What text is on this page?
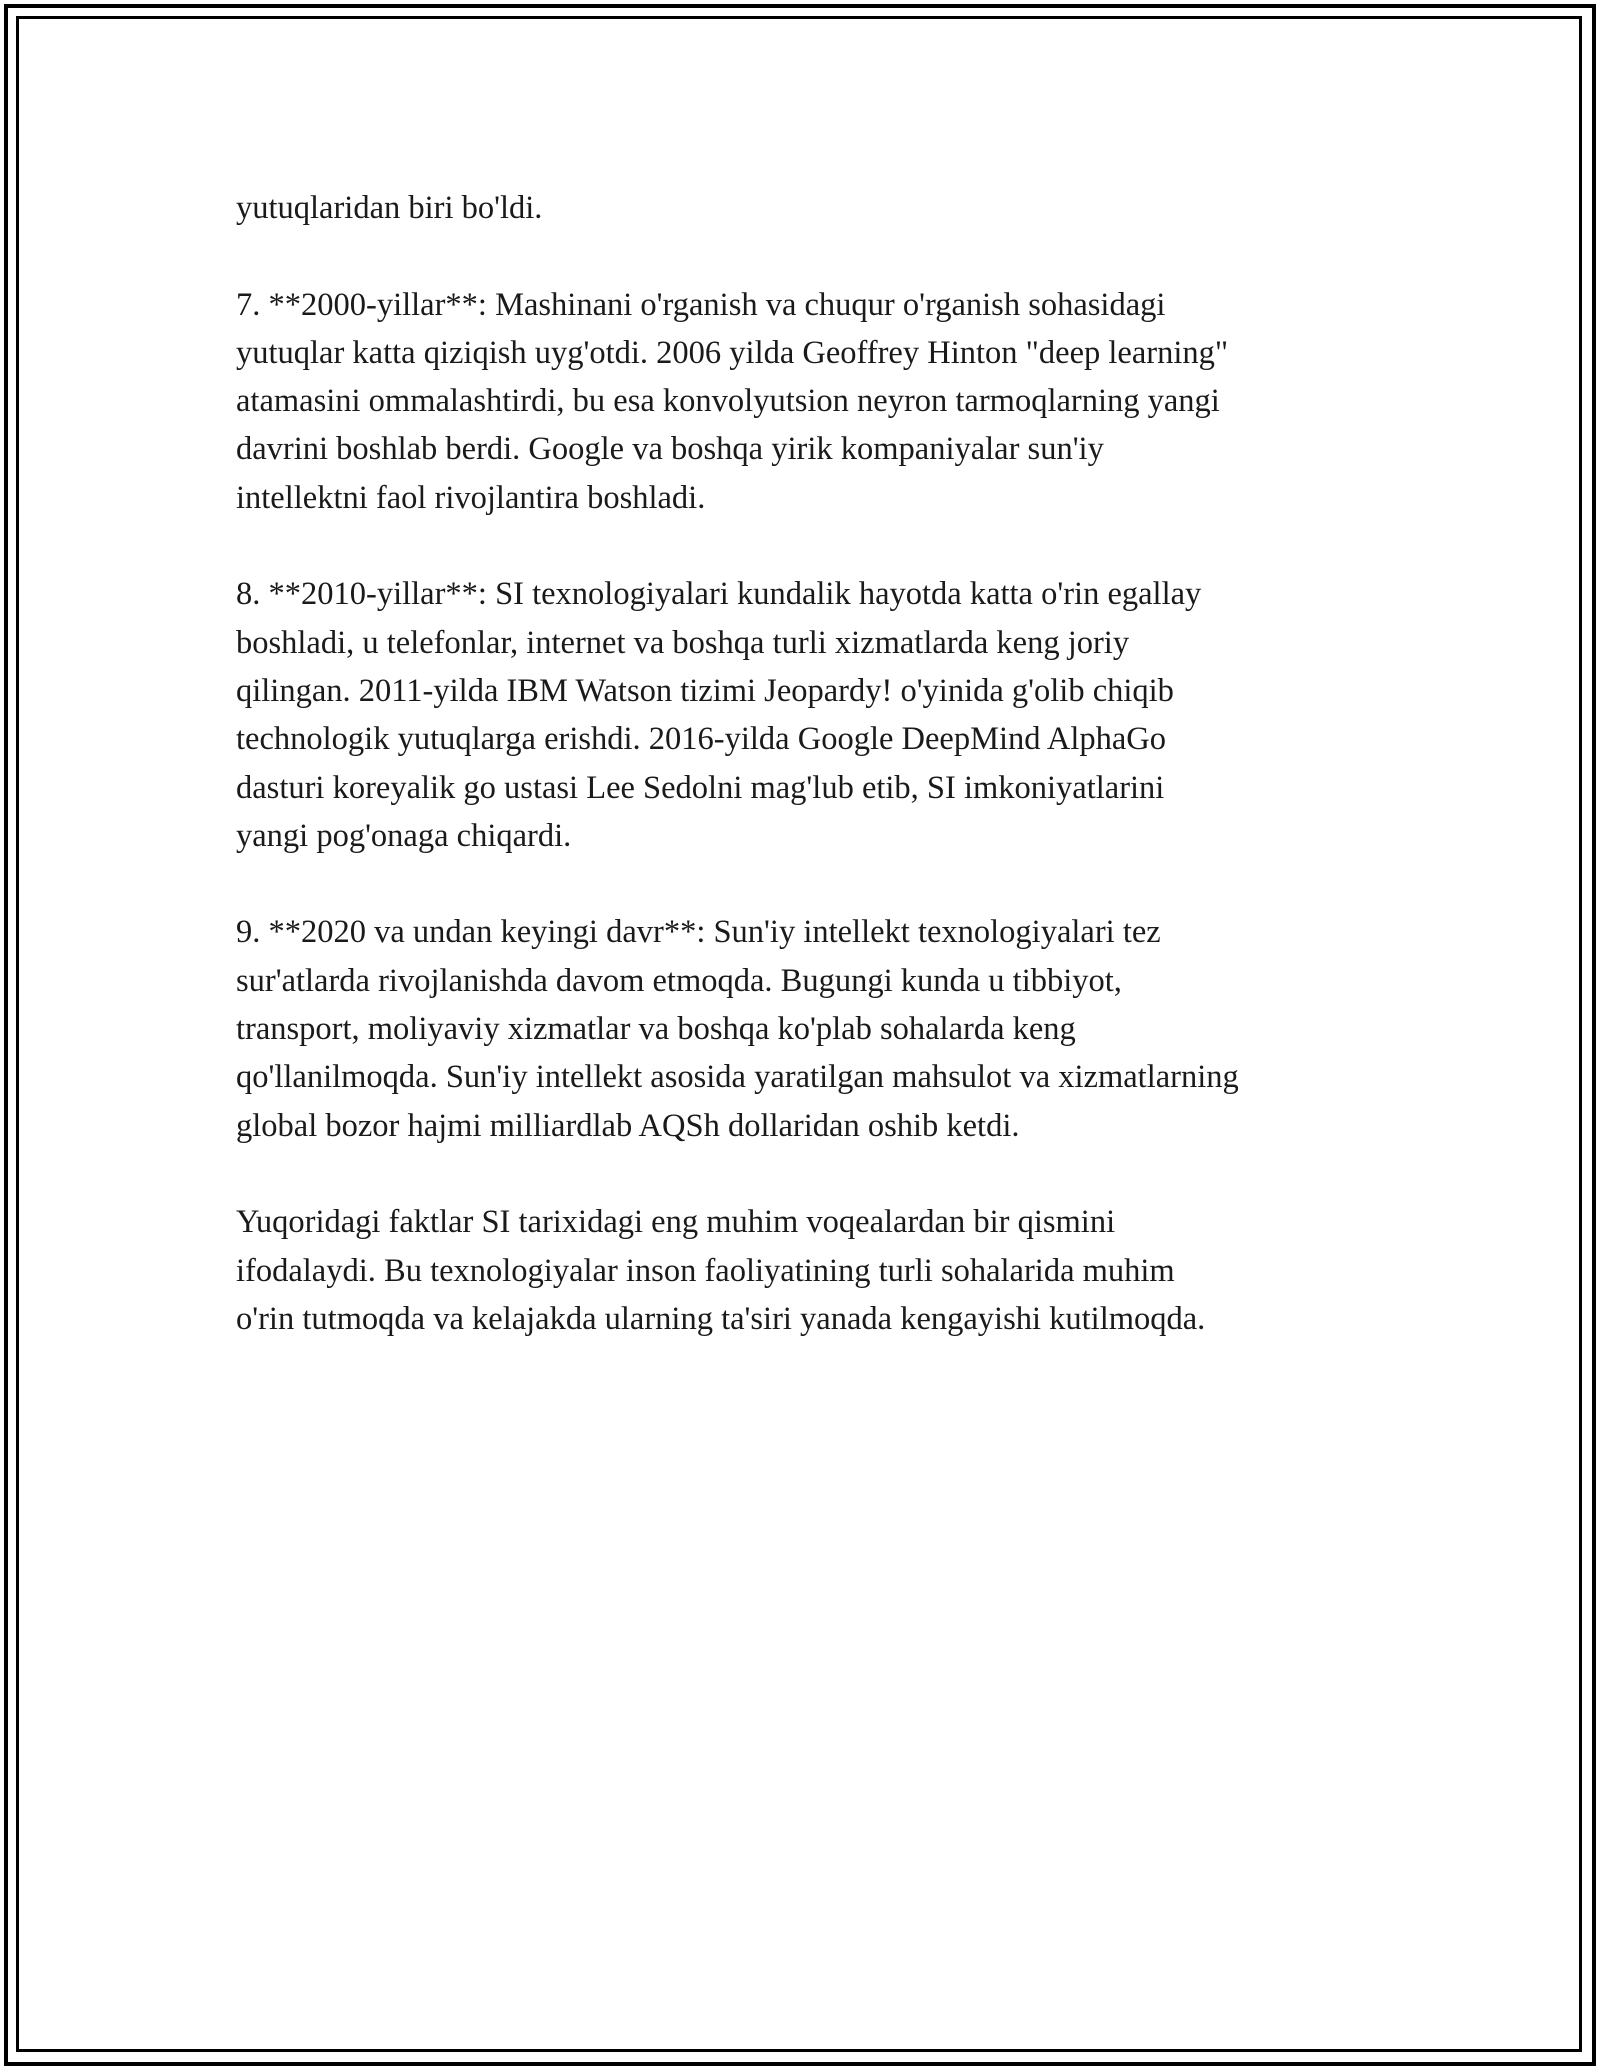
yutuqlaridan biri bo'ldi.

7. **2000-yillar**: Mashinani o'rganish va chuqur o'rganish sohasidagi
yutuqlar katta qiziqish uyg'otdi. 2006 yilda Geoffrey Hinton "deep learning"
atamasini ommalashtirdi, bu esa konvolyutsion neyron tarmoqlarning yangi
davrini boshlab berdi. Google va boshqa yirik kompaniyalar sun'iy
intellektni faol rivojlantira boshladi.

8. **2010-yillar**: SI texnologiyalari kundalik hayotda katta o'rin egallay
boshladi, u telefonlar, internet va boshqa turli xizmatlarda keng joriy
qilingan. 2011-yilda IBM Watson tizimi Jeopardy! o'yinida g'olib chiqib
technologik yutuqlarga erishdi. 2016-yilda Google DeepMind AlphaGo
dasturi koreyalik go ustasi Lee Sedolni mag'lub etib, SI imkoniyatlarini
yangi pog'onaga chiqardi.

9. **2020 va undan keyingi davr**: Sun'iy intellekt texnologiyalari tez
sur'atlarda rivojlanishda davom etmoqda. Bugungi kunda u tibbiyot,
transport, moliyaviy xizmatlar va boshqa ko'plab sohalarda keng
qo'llanilmoqda. Sun'iy intellekt asosida yaratilgan mahsulot va xizmatlarning
global bozor hajmi milliardlab AQSh dollaridan oshib ketdi.

Yuqoridagi faktlar SI tarixidagi eng muhim voqealardan bir qismini
ifodalaydi. Bu texnologiyalar inson faoliyatining turli sohalarida muhim
o'rin tutmoqda va kelajakda ularning ta'siri yanada kengayishi kutilmoqda.
